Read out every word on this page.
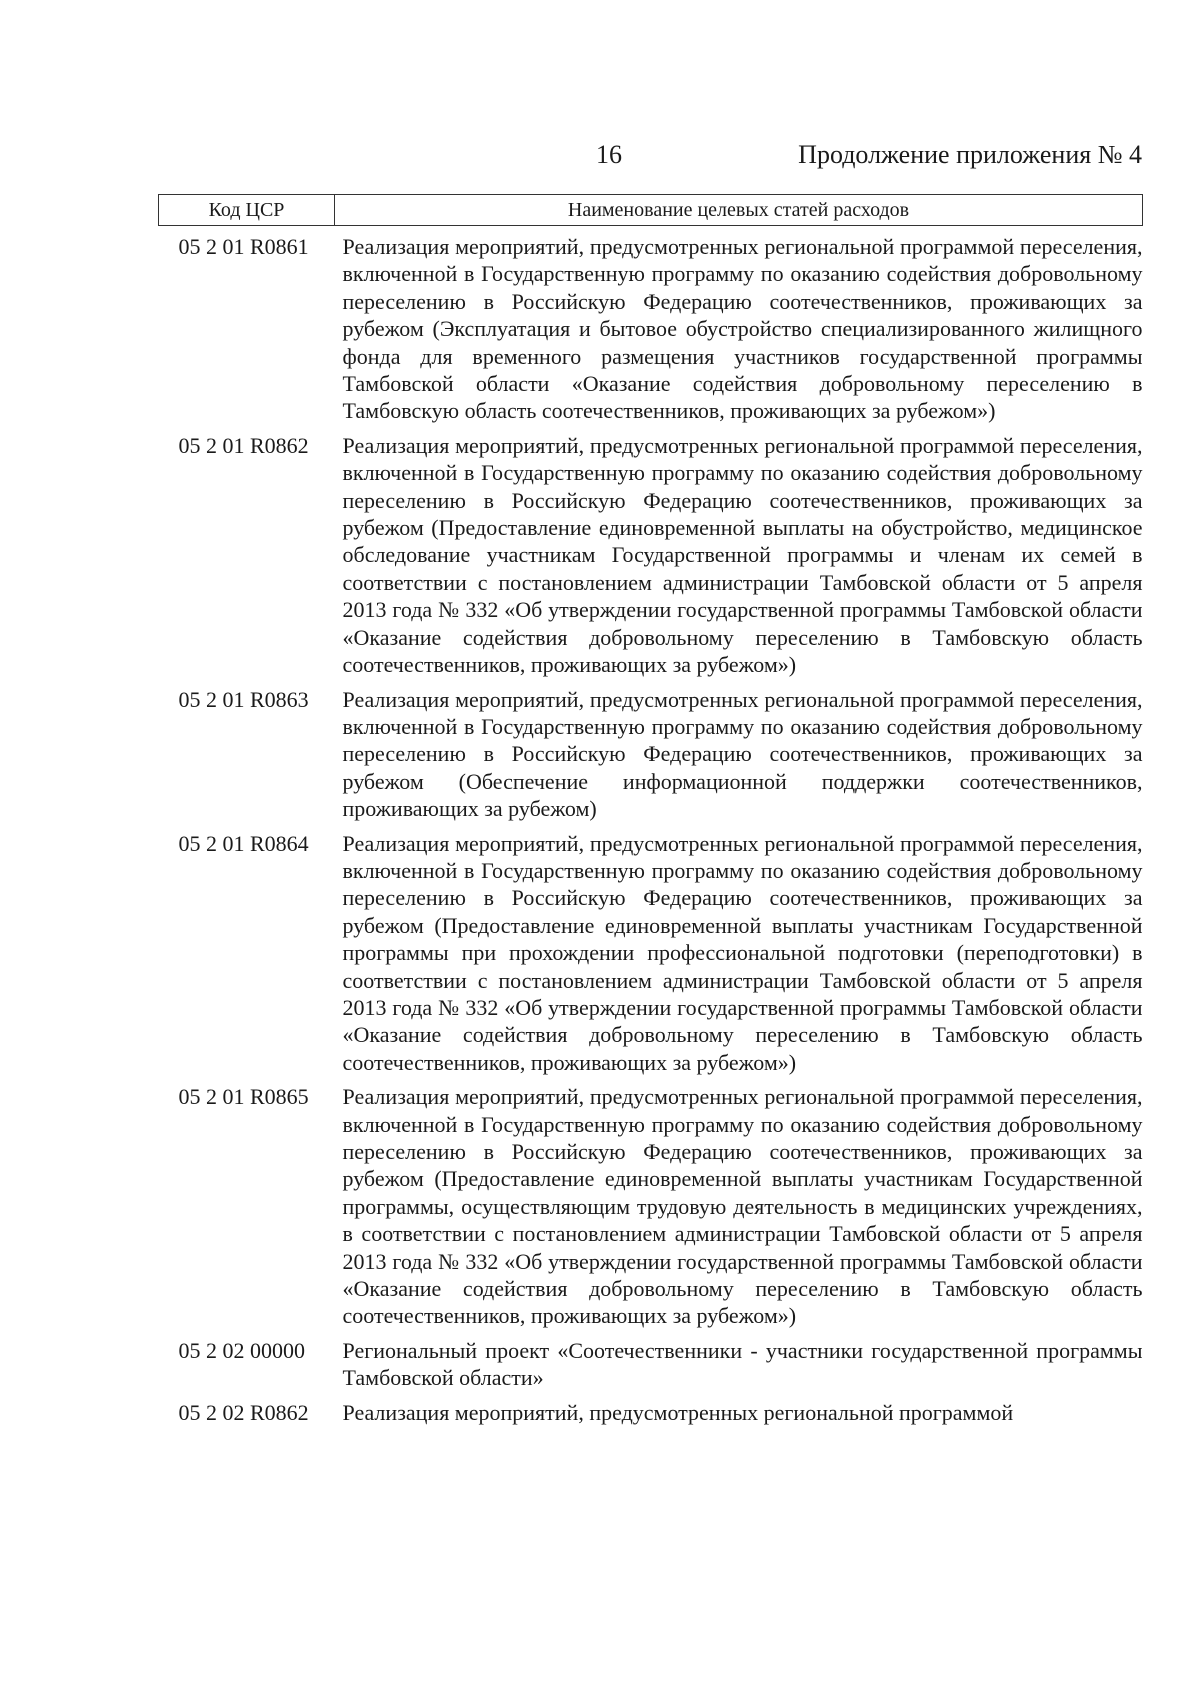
16	Продолжение приложения № 4
Код ЦСР	Наименование целевых статей расходов
05 2 01 R0861	Реализация мероприятий, предусмотренных региональной программой переселения, включенной в Государственную программу по оказанию содействия добровольному переселению в Российскую Федерацию соотечественников, проживающих за рубежом (Эксплуатация и бытовое обустройство специализированного жилищного фонда для временного размещения участников государственной программы Тамбовской области «Оказание содействия добровольному переселению в Тамбовскую область соотечественников, проживающих за рубежом»)
05 2 01 R0862	Реализация мероприятий, предусмотренных региональной программой переселения, включенной в Государственную программу по оказанию содействия добровольному переселению в Российскую Федерацию соотечественников, проживающих за рубежом (Предоставление единовременной выплаты на обустройство, медицинское обследование участникам Государственной программы и членам их семей в соответствии с постановлением администрации Тамбовской области от 5 апреля 2013 года № 332 «Об утверждении государственной программы Тамбовской области «Оказание содействия добровольному переселению в Тамбовскую область соотечественников, проживающих за рубежом»)
05 2 01 R0863	Реализация мероприятий, предусмотренных региональной программой переселения, включенной в Государственную программу по оказанию содействия добровольному переселению в Российскую Федерацию соотечественников, проживающих за рубежом (Обеспечение информационной поддержки соотечественников, проживающих за рубежом)
05 2 01 R0864	Реализация мероприятий, предусмотренных региональной программой переселения, включенной в Государственную программу по оказанию содействия добровольному переселению в Российскую Федерацию соотечественников, проживающих за рубежом (Предоставление единовременной выплаты участникам Государственной программы при прохождении профессиональной подготовки (переподготовки) в соответствии с постановлением администрации Тамбовской области от 5 апреля 2013 года № 332 «Об утверждении государственной программы Тамбовской области «Оказание содействия добровольному переселению в Тамбовскую область соотечественников, проживающих за рубежом»)
05 2 01 R0865	Реализация мероприятий, предусмотренных региональной программой переселения, включенной в Государственную программу по оказанию содействия добровольному переселению в Российскую Федерацию соотечественников, проживающих за рубежом (Предоставление единовременной выплаты участникам Государственной программы, осуществляющим трудовую деятельность в медицинских учреждениях, в соответствии с постановлением администрации Тамбовской области от 5 апреля 2013 года № 332 «Об утверждении государственной программы Тамбовской области «Оказание содействия добровольному переселению в Тамбовскую область соотечественников, проживающих за рубежом»)
05 2 02 00000	Региональный проект «Соотечественники - участники государственной программы Тамбовской области»
05 2 02 R0862	Реализация мероприятий, предусмотренных региональной программой
